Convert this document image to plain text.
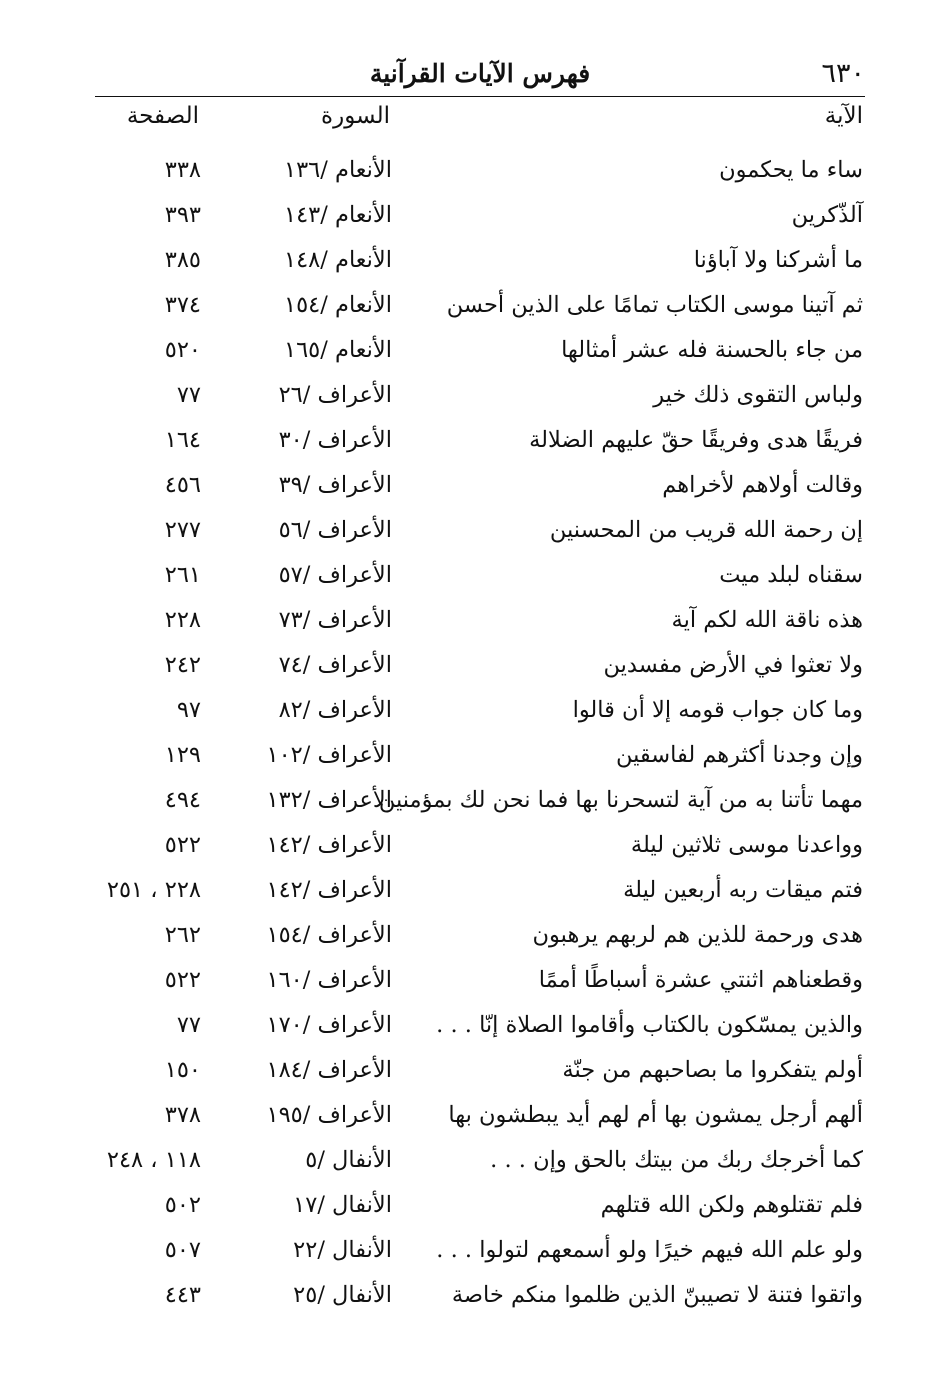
٦٣٠
فهرس الآيات القرآنية
الآية
السورة
الصفحة
ساء ما يحكمون
الأنعام /١٣٦
٣٣٨
آلذّكرين
الأنعام /١٤٣
٣٩٣
ما أشركنا ولا آباؤنا
الأنعام /١٤٨
٣٨٥
ثم آتينا موسى الكتاب تمامًا على الذين أحسن
الأنعام /١٥٤
٣٧٤
من جاء بالحسنة فله عشر أمثالها
الأنعام /١٦٥
٥٢٠
ولباس التقوى ذلك خير
الأعراف /٢٦
٧٧
فريقًا هدى وفريقًا حقّ عليهم الضلالة
الأعراف /٣٠
١٦٤
وقالت أولاهم لأخراهم
الأعراف /٣٩
٤٥٦
إن رحمة الله قريب من المحسنين
الأعراف /٥٦
٢٧٧
سقناه لبلد ميت
الأعراف /٥٧
٢٦١
هذه ناقة الله لكم آية
الأعراف /٧٣
٢٢٨
ولا تعثوا في الأرض مفسدين
الأعراف /٧٤
٢٤٢
وما كان جواب قومه إلا أن قالوا
الأعراف /٨٢
٩٧
وإن وجدنا أكثرهم لفاسقين
الأعراف /١٠٢
١٢٩
مهما تأتنا به من آية لتسحرنا بها فما نحن لك بمؤمنين
الأعراف /١٣٢
٤٩٤
وواعدنا موسى ثلاثين ليلة
الأعراف /١٤٢
٥٢٢
فتم ميقات ربه أربعين ليلة
الأعراف /١٤٢
٢٢٨ ، ٢٥١
هدى ورحمة للذين هم لربهم يرهبون
الأعراف /١٥٤
٢٦٢
وقطعناهم اثنتي عشرة أسباطًا أممًا
الأعراف /١٦٠
٥٢٢
والذين يمسّكون بالكتاب وأقاموا الصلاة إنّا . . .
الأعراف /١٧٠
٧٧
أولم يتفكروا ما بصاحبهم من جنّة
الأعراف /١٨٤
١٥٠
ألهم أرجل يمشون بها أم لهم أيد يبطشون بها
الأعراف /١٩٥
٣٧٨
كما أخرجك ربك من بيتك بالحق وإن . . .
الأنفال /٥
١١٨ ، ٢٤٨
فلم تقتلوهم ولكن الله قتلهم
الأنفال /١٧
٥٠٢
ولو علم الله فيهم خيرًا ولو أسمعهم لتولوا . . .
الأنفال /٢٢
٥٠٧
واتقوا فتنة لا تصيبنّ الذين ظلموا منكم خاصة
الأنفال /٢٥
٤٤٣
